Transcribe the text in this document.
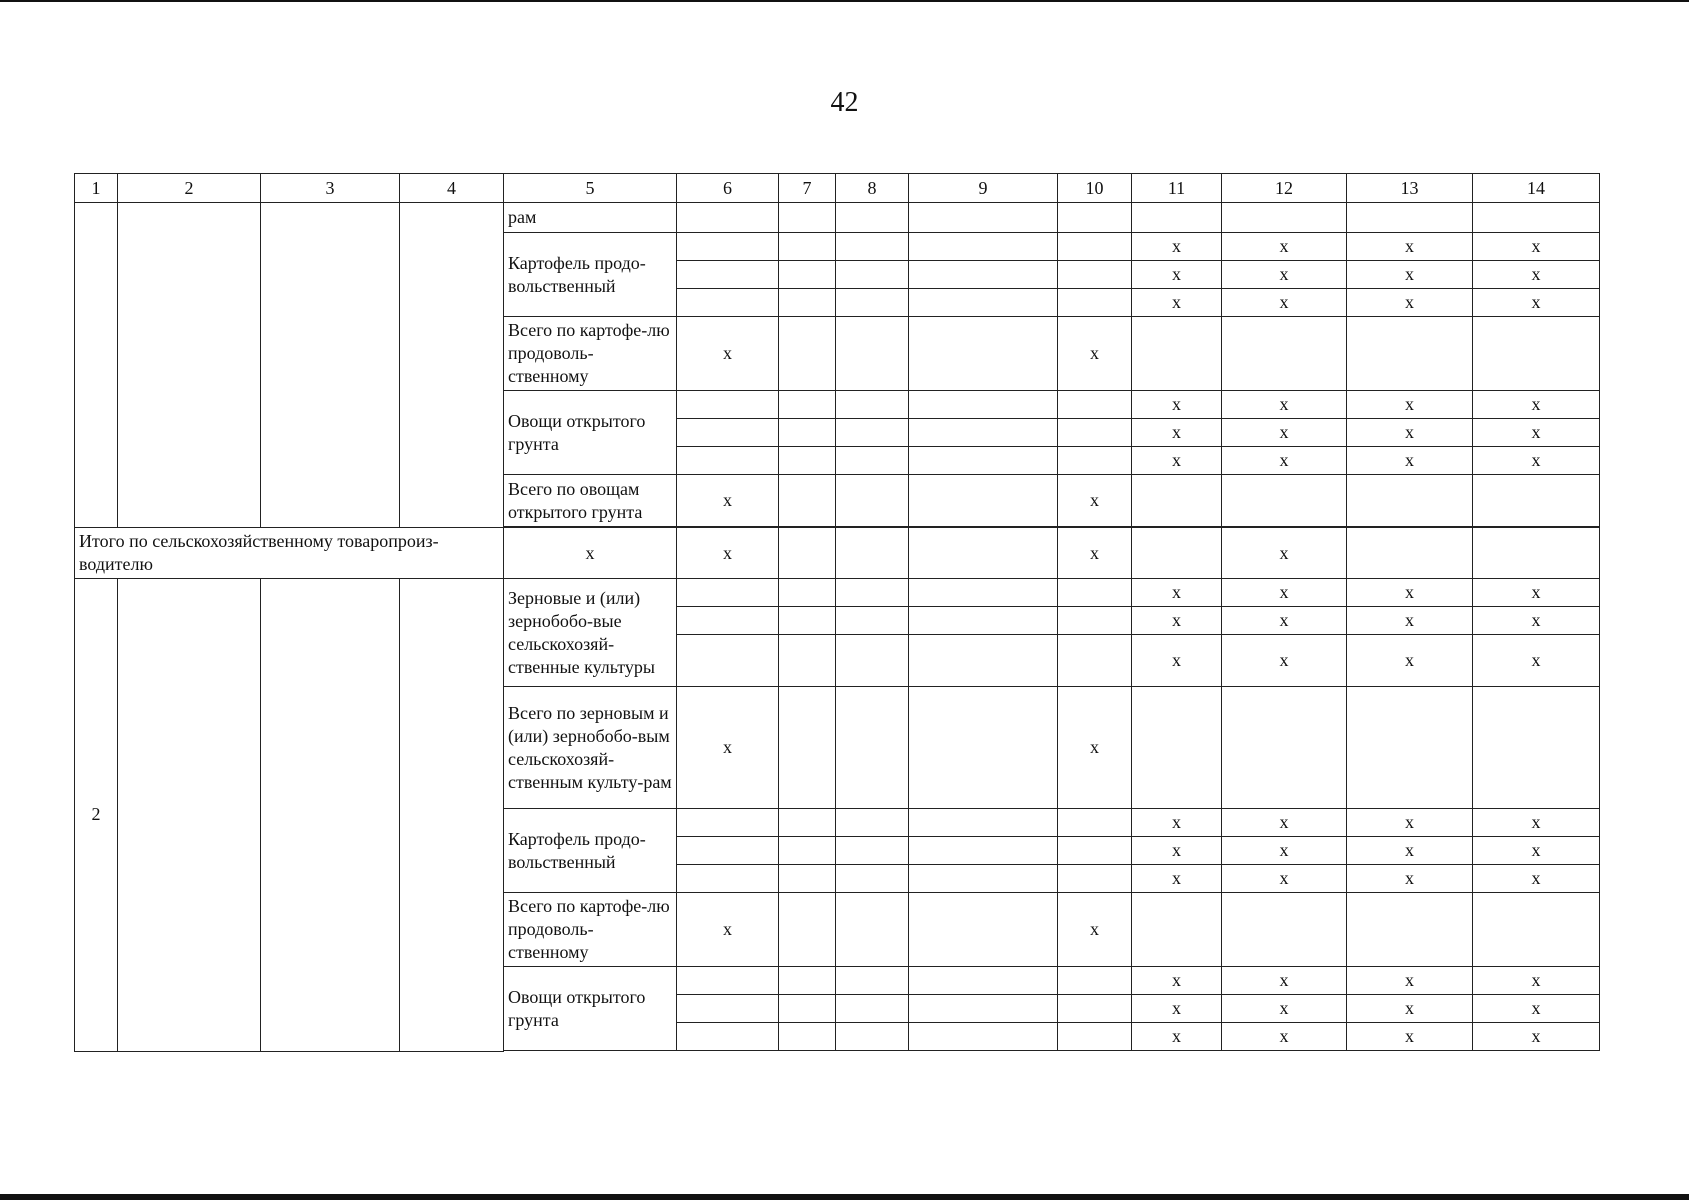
42
1	2	3	4	5	6	7	8	9	10	11	12	13	14
				рам									
				Картофель продо-вольственный						x	x	x	x
										x	x	x	x
										x	x	x	x
				Всего по картофе-лю продоволь-ственному	x				x				
				Овощи открытого грунта						x	x	x	x
										x	x	x	x
										x	x	x	x
				Всего по овощам открытого грунта	x				x				

Итого по сельскохозяйственному товаропроиз-водителю				x	x				x		x		
2				Зерновые и (или) зернобобо-вые сельскохозяй-ственные культуры						x	x	x	x
										x	x	x	x
										x	x	x	x
				Всего по зерновым и (или) зернобобо-вым сельскохозяй-ственным культу-рам	x				x				
				Картофель продо-вольственный						x	x	x	x
										x	x	x	x
										x	x	x	x
				Всего по картофе-лю продоволь-ственному	x				x				
				Овощи открытого грунта						x	x	x	x
										x	x	x	x
										x	x	x	x
